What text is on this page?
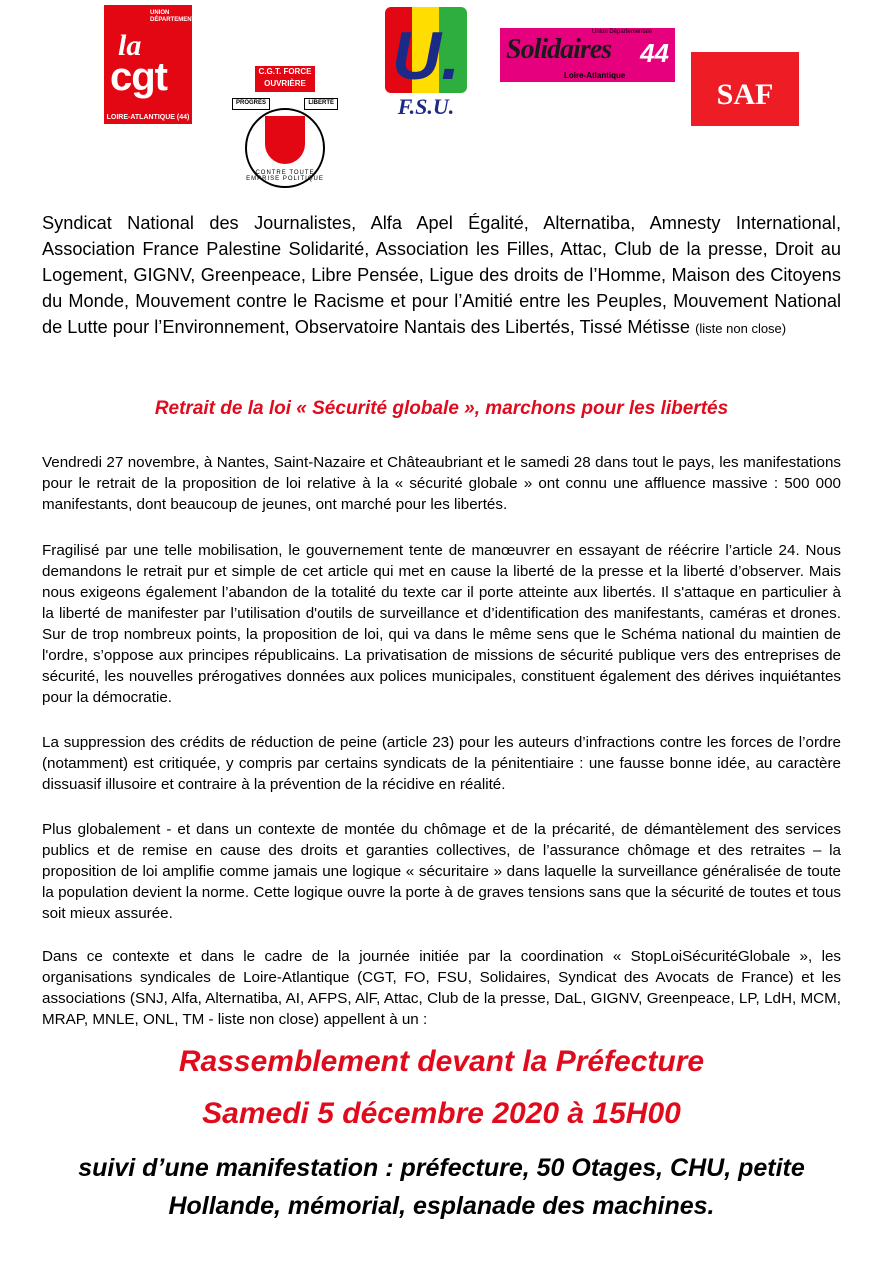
UNION DÉPARTEMENTALE
la
cgt
LOIRE-ATLANTIQUE (44)
C.G.T. FORCE OUVRIÈRE
PROGRÈS	LIBERTÉ
CONTRE TOUTE EMPRISE POLITIQUE
U.
F.S.U.
Union Départementale
Solidaires 44
Loire-Atlantique
SAF
Syndicat National des Journalistes, Alfa Apel Égalité, Alternatiba, Amnesty International, Association France Palestine Solidarité, Association les Filles, Attac, Club de la presse, Droit au Logement, GIGNV, Greenpeace, Libre Pensée, Ligue des droits de l’Homme, Maison des Citoyens du Monde, Mouvement contre le Racisme et pour l’Amitié entre les Peuples, Mouvement National de Lutte pour l’Environnement, Observatoire Nantais des Libertés, Tissé Métisse (liste non close)
Retrait de la loi « Sécurité globale », marchons pour les libertés

Vendredi 27 novembre, à Nantes, Saint-Nazaire et Châteaubriant et le samedi 28 dans tout le pays, les manifestations pour le retrait de la proposition de loi relative à la « sécurité globale » ont connu une affluence massive : 500 000 manifestants, dont beaucoup de jeunes, ont marché pour les libertés.

Fragilisé par une telle mobilisation, le gouvernement tente de manœuvrer en essayant de réécrire l’article 24. Nous demandons le retrait pur et simple de cet article qui met en cause la liberté de la presse et la liberté d’observer. Mais nous exigeons également l’abandon de la totalité du texte car il porte atteinte aux libertés. Il s'attaque en particulier à la liberté de manifester par l’utilisation d'outils de surveillance et d’identification des manifestants, caméras et drones. Sur de trop nombreux points, la proposition de loi, qui va dans le même sens que le Schéma national du maintien de l'ordre, s’oppose aux principes républicains. La privatisation de missions de sécurité publique vers des entreprises de sécurité, les nouvelles prérogatives données aux polices municipales, constituent également des dérives inquiétantes pour la démocratie.

La suppression des crédits de réduction de peine (article 23) pour les auteurs d’infractions contre les forces de l’ordre (notamment) est critiquée, y compris par certains syndicats de la pénitentiaire : une fausse bonne idée, au caractère dissuasif illusoire et contraire à la prévention de la récidive en réalité.

Plus globalement - et dans un contexte de montée du chômage et de la précarité, de démantèlement des services publics et de remise en cause des droits et garanties collectives, de l’assurance chômage et des retraites – la proposition de loi amplifie comme jamais une logique « sécuritaire » dans laquelle la surveillance généralisée de toute la population devient la norme. Cette logique ouvre la porte à de graves tensions sans que la sécurité de toutes et tous soit mieux assurée.

Dans ce contexte et dans le cadre de la journée initiée par la coordination « StopLoiSécuritéGlobale », les organisations syndicales de Loire-Atlantique (CGT, FO, FSU, Solidaires, Syndicat des Avocats de France) et les associations (SNJ, Alfa, Alternatiba, AI, AFPS, AlF, Attac, Club de la presse, DaL, GIGNV, Greenpeace, LP, LdH, MCM, MRAP, MNLE, ONL, TM - liste non close) appellent à un :

Rassemblement devant la Préfecture
Samedi 5 décembre 2020 à 15H00
suivi d’une manifestation : préfecture, 50 Otages, CHU, petite
Hollande, mémorial, esplanade des machines.
